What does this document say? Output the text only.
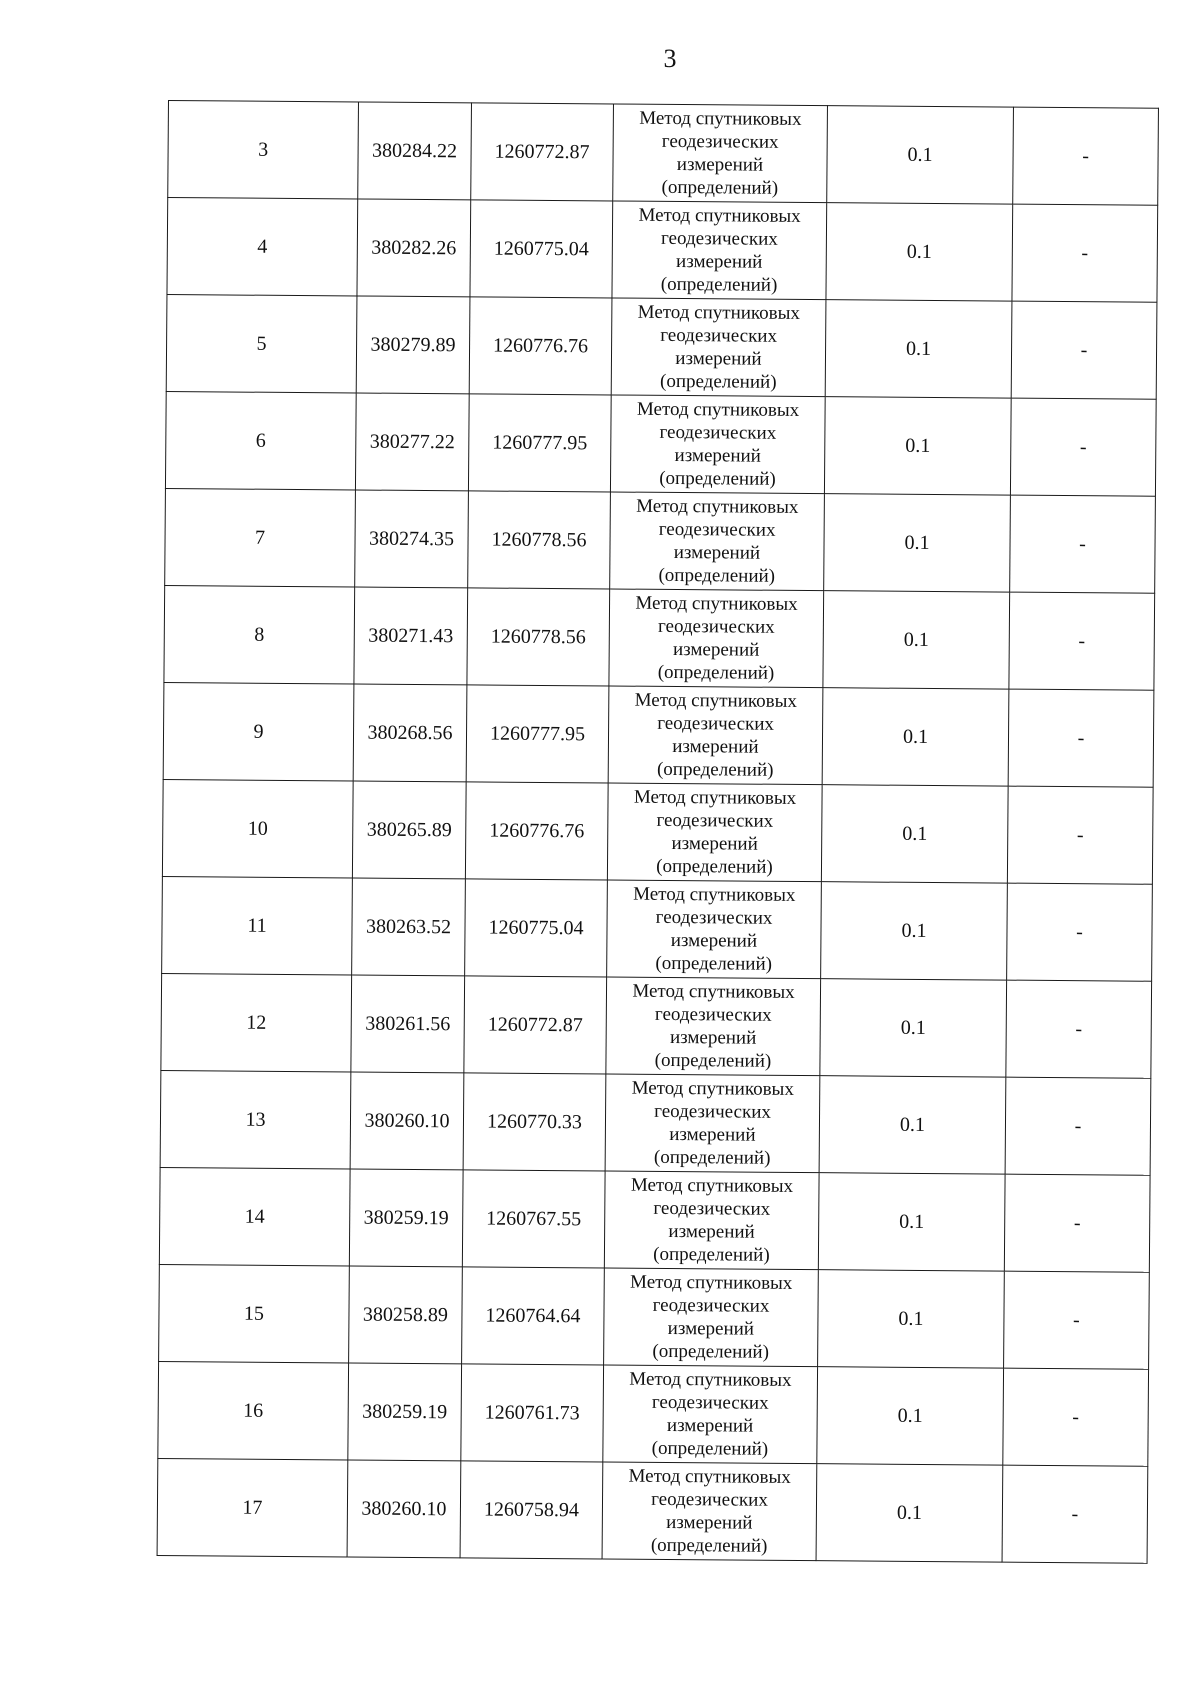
3
3	380284.22	1260772.87	Метод спутниковых
геодезических
измерений
(определений)	0.1	-
4	380282.26	1260775.04	Метод спутниковых
геодезических
измерений
(определений)	0.1	-
5	380279.89	1260776.76	Метод спутниковых
геодезических
измерений
(определений)	0.1	-
6	380277.22	1260777.95	Метод спутниковых
геодезических
измерений
(определений)	0.1	-
7	380274.35	1260778.56	Метод спутниковых
геодезических
измерений
(определений)	0.1	-
8	380271.43	1260778.56	Метод спутниковых
геодезических
измерений
(определений)	0.1	-
9	380268.56	1260777.95	Метод спутниковых
геодезических
измерений
(определений)	0.1	-
10	380265.89	1260776.76	Метод спутниковых
геодезических
измерений
(определений)	0.1	-
11	380263.52	1260775.04	Метод спутниковых
геодезических
измерений
(определений)	0.1	-
12	380261.56	1260772.87	Метод спутниковых
геодезических
измерений
(определений)	0.1	-
13	380260.10	1260770.33	Метод спутниковых
геодезических
измерений
(определений)	0.1	-
14	380259.19	1260767.55	Метод спутниковых
геодезических
измерений
(определений)	0.1	-
15	380258.89	1260764.64	Метод спутниковых
геодезических
измерений
(определений)	0.1	-
16	380259.19	1260761.73	Метод спутниковых
геодезических
измерений
(определений)	0.1	-
17	380260.10	1260758.94	Метод спутниковых
геодезических
измерений
(определений)	0.1	-
